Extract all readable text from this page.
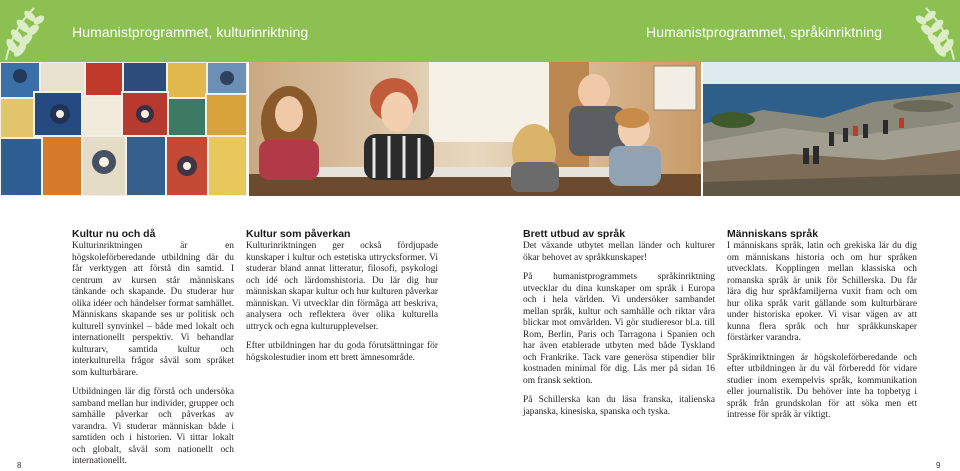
Humanistprogrammet, kulturinriktning	Humanistprogrammet, språkinriktning
Kultur nu och då

Kulturinriktningen är en högskoleförberedande utbildning där du får verktygen att förstå din samtid. I centrum av kursen står människans tänkande och skapande. Du studerar hur olika idéer och händelser format samhället. Människans skapande ses ur politisk och kulturell synvinkel – både med lokalt och internationellt perspektiv. Vi behandlar kulturarv, samtida kultur och interkulturella frågor såväl som språket som kulturbärare.

Utbildningen lär dig förstå och undersöka samband mellan hur individer, grupper och samhälle påverkar och påverkas av varandra. Vi studerar människan både i samtiden och i historien. Vi tittar lokalt och globalt, såväl som nationellt och internationellt.

Kultur som påverkan

Kulturinriktningen ger också fördjupade kunskaper i kultur och estetiska uttrycksformer. Vi studerar bland annat litteratur, filosofi, psykologi och idé och lärdomshistoria. Du lär dig hur människan skapar kultur och hur kulturen påverkar människan. Vi utvecklar din förmåga att beskriva, analysera och reflektera över olika kulturella uttryck och egna kulturupplevelser.

Efter utbildningen har du goda förutsättningar för högskolestudier inom ett brett ämnesområde.

Brett utbud av språk

Det växande utbytet mellan länder och kulturer ökar behovet av språkkunskaper!

På humanistprogrammets språkinriktning utvecklar du dina kunskaper om språk i Europa och i hela världen. Vi undersöker sambandet mellan språk, kultur och samhälle och riktar våra blickar mot omvärlden. Vi gör studieresor bl.a. till Rom, Berlin, Paris och Tarragona i Spanien och har även etablerade utbyten med både Tyskland och Frankrike. Tack vare generösa stipendier blir kostnaden minimal för dig. Läs mer på sidan 16 om fransk sektion.

På Schillerska kan du läsa franska, italienska japanska, kinesiska, spanska och tyska.

Människans språk

I människans språk, latin och grekiska lär du dig om människans historia och om hur språken utvecklats. Kopplingen mellan klassiska och romanska språk är unik för Schillerska. Du får lära dig hur språkfamiljerna vuxit fram och om hur olika språk varit gällande som kulturbärare under historiska epoker. Vi visar vägen av att kunna flera språk och hur språkkunskaper förstärker varandra.

Språkinriktningen är högskoleförberedande och efter utbildningen är du väl förberedd för vidare studier inom exempelvis språk, kommunikation eller journalistik. Du behöver inte ha topbetyg i språk från grundskolan för att söka men ett intresse för språk är viktigt.

8	9
